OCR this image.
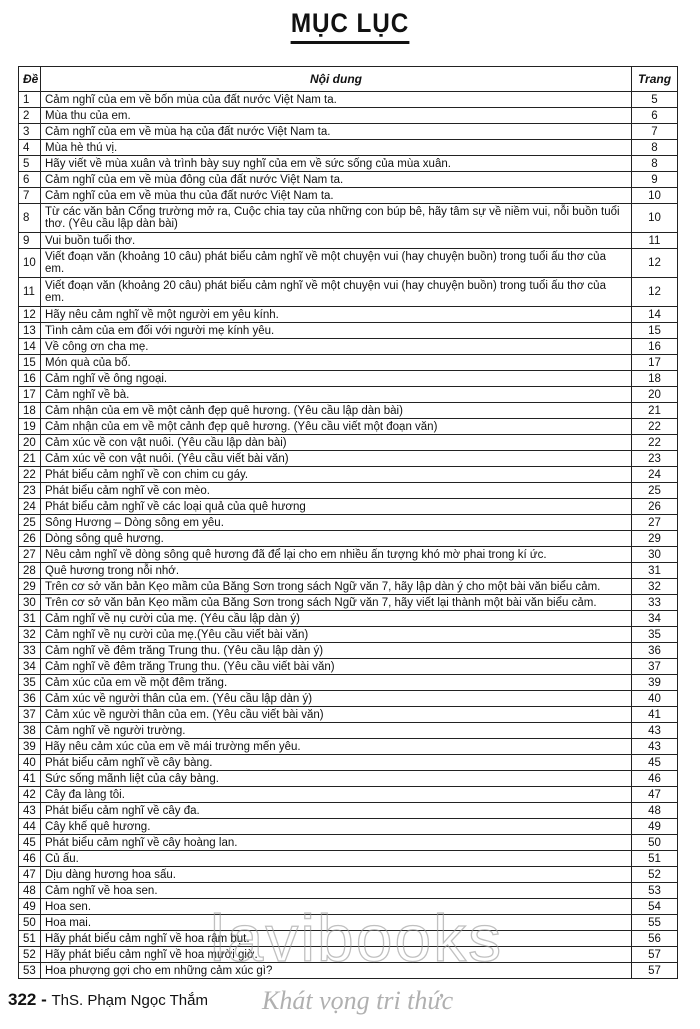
MỤC LỤC
Đề	Nội dung	Trang
1	Cảm nghĩ của em về bốn mùa của đất nước Việt Nam ta.	5
2	Mùa thu của em.	6
3	Cảm nghĩ của em về mùa hạ của đất nước Việt Nam ta.	7
4	Mùa hè thú vị.	8
5	Hãy viết về mùa xuân và trình bày suy nghĩ của em về sức sống của mùa xuân.	8
6	Cảm nghĩ của em về mùa đông của đất nước Việt Nam ta.	9
7	Cảm nghĩ của em về mùa thu của đất nước Việt Nam ta.	10
8	Từ các văn bản Cổng trường mở ra, Cuộc chia tay của những con búp bê, hãy tâm sự về niềm vui, nỗi buồn tuổi thơ. (Yêu cầu lập dàn bài)	10
9	Vui buồn tuổi thơ.	11
10	Viết đoạn văn (khoảng 10 câu) phát biểu cảm nghĩ về một chuyện vui (hay chuyện buồn) trong tuổi ấu thơ của em.	12
11	Viết đoạn văn (khoảng 20 câu) phát biểu cảm nghĩ về một chuyện vui (hay chuyện buồn) trong tuổi ấu thơ của em.	12
12	Hãy nêu cảm nghĩ về một người em yêu kính.	14
13	Tình cảm của em đối với người mẹ kính yêu.	15
14	Về công ơn cha mẹ.	16
15	Món quà của bố.	17
16	Cảm nghĩ về ông ngoại.	18
17	Cảm nghĩ về bà.	20
18	Cảm nhận của em về một cảnh đẹp quê hương. (Yêu cầu lập dàn bài)	21
19	Cảm nhận của em về một cảnh đẹp quê hương. (Yêu cầu viết một đoạn văn)	22
20	Cảm xúc về con vật nuôi. (Yêu cầu lập dàn bài)	22
21	Cảm xúc về con vật nuôi. (Yêu cầu viết bài văn)	23
22	Phát biểu cảm nghĩ về con chim cu gáy.	24
23	Phát biểu cảm nghĩ về con mèo.	25
24	Phát biểu cảm nghĩ về các loại quả của quê hương	26
25	Sông Hương – Dòng sông em yêu.	27
26	Dòng sông quê hương.	29
27	Nêu cảm nghĩ về dòng sông quê hương đã để lại cho em nhiều ấn tượng khó mờ phai trong kí ức.	30
28	Quê hương trong nỗi nhớ.	31
29	Trên cơ sở văn bản Kẹo mầm của Băng Sơn trong sách Ngữ văn 7, hãy lập dàn ý cho một bài văn biểu cảm.	32
30	Trên cơ sở văn bản Kẹo mầm của Băng Sơn trong sách Ngữ văn 7, hãy viết lại thành một bài văn biểu cảm.	33
31	Cảm nghĩ về nụ cười của mẹ. (Yêu cầu lập dàn ý)	34
32	Cảm nghĩ về nụ cười của mẹ.(Yêu cầu viết bài văn)	35
33	Cảm nghĩ về đêm trăng Trung thu. (Yêu cầu lập dàn ý)	36
34	Cảm nghĩ về đêm trăng Trung thu. (Yêu cầu viết bài văn)	37
35	Cảm xúc của em về một đêm trăng.	39
36	Cảm xúc về người thân của em. (Yêu cầu lập dàn ý)	40
37	Cảm xúc về người thân của em. (Yêu cầu viết bài văn)	41
38	Cảm nghĩ về người trường.	43
39	Hãy nêu cảm xúc của em về mái trường mến yêu.	43
40	Phát biểu cảm nghĩ về cây bàng.	45
41	Sức sống mãnh liệt của cây bàng.	46
42	Cây đa làng tôi.	47
43	Phát biểu cảm nghĩ về cây đa.	48
44	Cây khế quê hương.	49
45	Phát biểu cảm nghĩ về cây hoàng lan.	50
46	Củ ấu.	51
47	Dịu dàng hương hoa sấu.	52
48	Cảm nghĩ về hoa sen.	53
49	Hoa sen.	54
50	Hoa mai.	55
51	Hãy phát biểu cảm nghĩ về hoa râm bụt.	56
52	Hãy phát biểu cảm nghĩ về hoa mười giờ.	57
53	Hoa phượng gợi cho em những cảm xúc gì?	57
322 - ThS. Phạm Ngọc Thắm
lavibooks
Khát vọng tri thức
